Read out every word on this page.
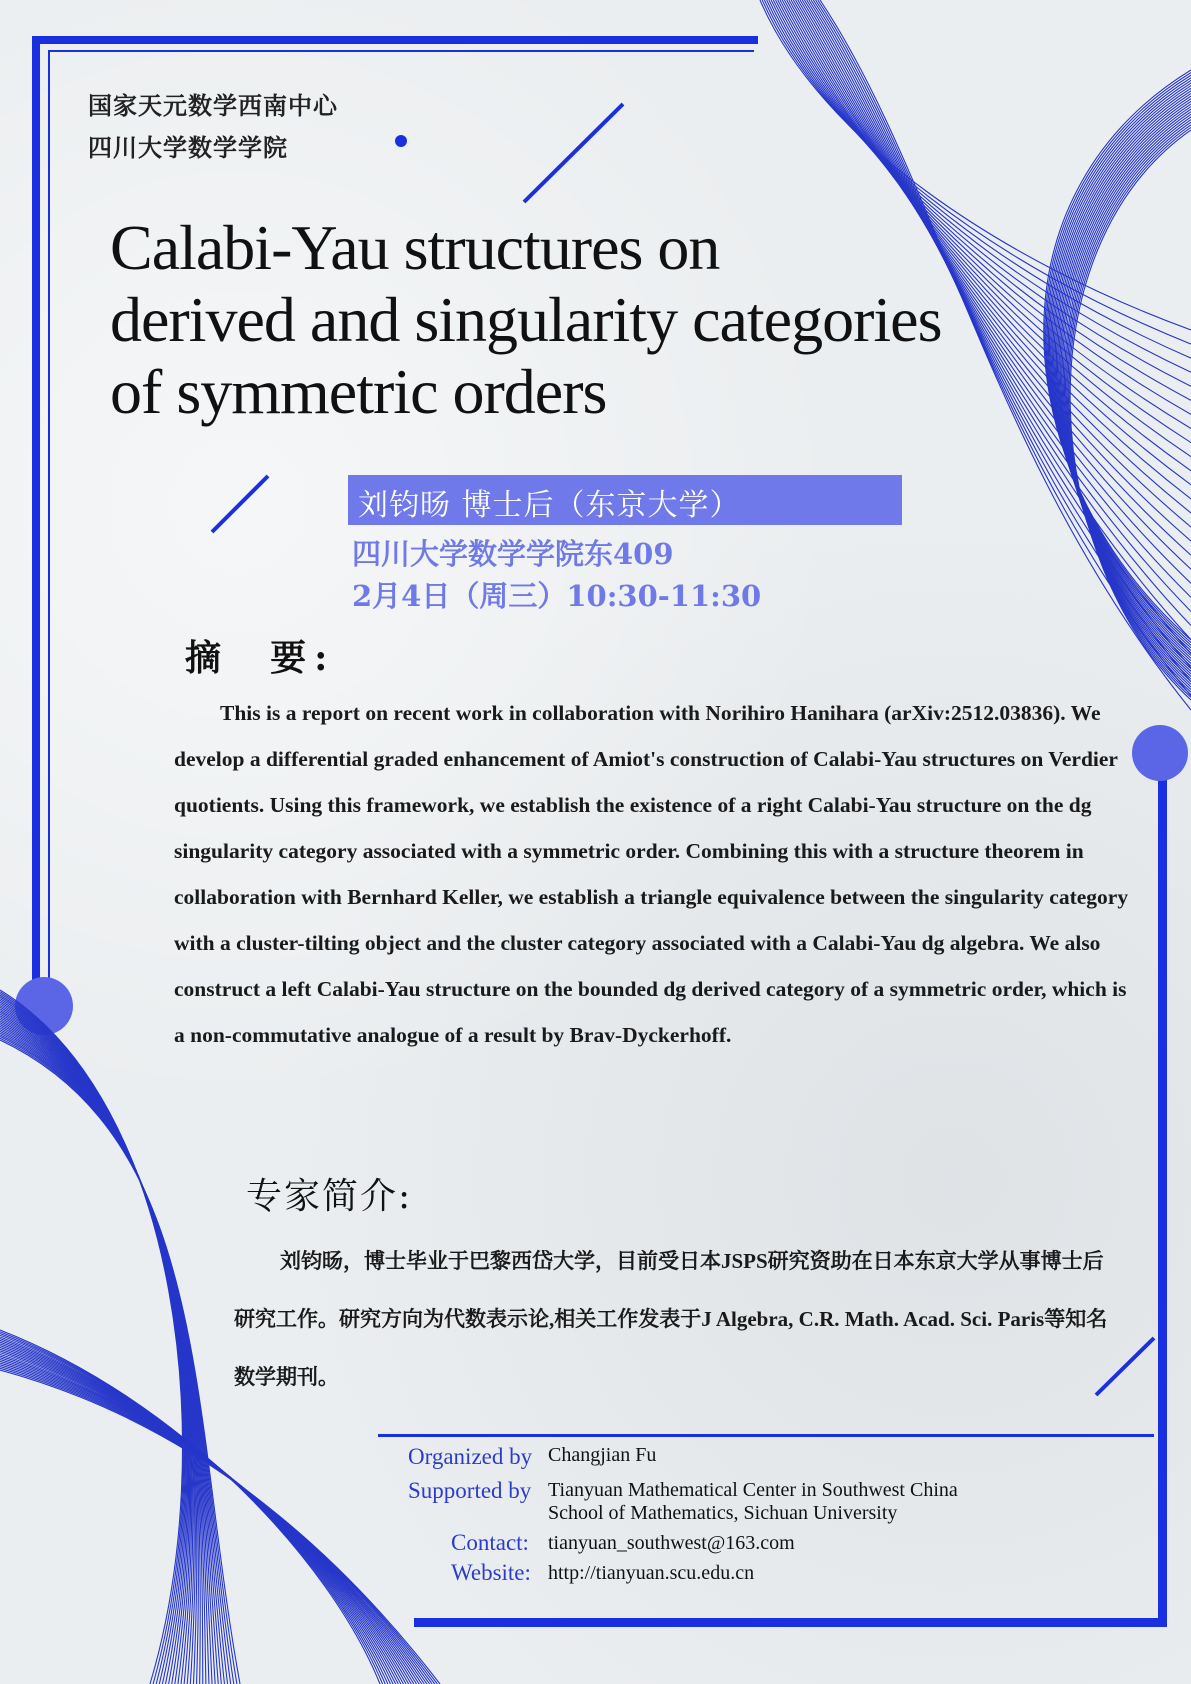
国家天元数学西南中心
四川大学数学学院
Calabi-Yau structures on
derived and singularity categories
of symmetric orders
刘钧旸 博士后（东京大学）
四川大学数学学院东409
2月4日（周三）10:30-11:30
摘  要:
This is a report on recent work in collaboration with Norihiro Hanihara (arXiv:2512.03836). We develop a differential graded enhancement of Amiot's construction of Calabi-Yau structures on Verdier quotients. Using this framework, we establish the existence of a right Calabi-Yau structure on the dg singularity category associated with a symmetric order. Combining this with a structure theorem in collaboration with Bernhard Keller, we establish a triangle equivalence between the singularity category with a cluster-tilting object and the cluster category associated with a Calabi-Yau dg algebra. We also construct a left Calabi-Yau structure on the bounded dg derived category of a symmetric order, which is a non-commutative analogue of a result by Brav-Dyckerhoff.
专家简介:
刘钧旸，博士毕业于巴黎西岱大学，目前受日本JSPS研究资助在日本东京大学从事博士后研究工作。研究方向为代数表示论,相关工作发表于J Algebra, C.R. Math. Acad. Sci. Paris等知名数学期刊。
Organized by Changjian Fu
Supported by Tianyuan Mathematical Center in Southwest China
School of Mathematics, Sichuan University
Contact: tianyuan_southwest@163.com
Website: http://tianyuan.scu.edu.cn
